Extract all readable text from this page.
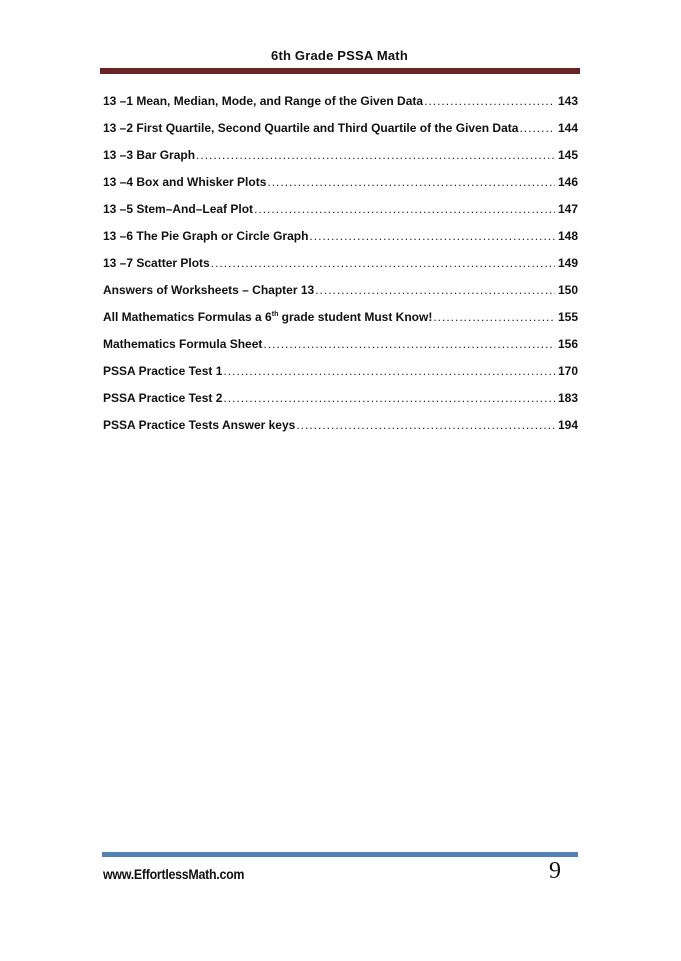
6th Grade PSSA Math
13 –1 Mean, Median, Mode, and Range of the Given Data .....	143
13 –2 First Quartile, Second Quartile and Third Quartile of the Given Data .....	144
13 –3 Bar Graph .....	145
13 –4 Box and Whisker Plots .....	146
13 –5 Stem–And–Leaf Plot .....	147
13 –6 The Pie Graph or Circle Graph .....	148
13 –7 Scatter Plots .....	149
Answers of Worksheets – Chapter 13 .....	150
All Mathematics Formulas a 6th grade student Must Know! .....	155
Mathematics Formula Sheet .....	156
PSSA Practice Test 1 .....	170
PSSA Practice Test 2 .....	183
PSSA Practice Tests Answer keys .....	194
www.EffortlessMath.com	9
